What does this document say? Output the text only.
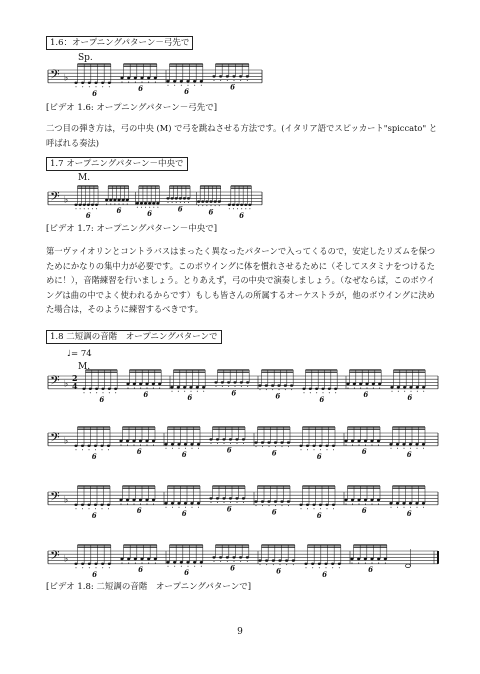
1.6：オープニングパターン－弓先で
Sp.
𝄢 ♭
6
6	6
6
[ビデオ 1.6: オープニングパターン－弓先で]

二つ目の弾き方は，弓の中央 (M) で弓を跳ねさせる方法です。(イタリア語でスピッカート"spiccato" と呼ばれる奏法)

1.7 オープニングパターン－中央で
M.
𝄢 ♭
6
6	6
6	6	6
[ビデオ 1.7: オープニングパターン－中央で]

第一ヴァイオリンとコントラバスはまったく異なったパターンで入ってくるので，安定したリズムを保つためにかなりの集中力が必要です。このボウイングに体を慣れさせるために（そしてスタミナをつけるために！），音階練習を行いましょう。とりあえず，弓の中央で演奏しましょう。（なぜならば，このボウイングは曲の中でよく使われるからです）もしも皆さんの所属するオーケストラが，他のボウイングに決めた場合は，そのように練習するべきです。

1.8 二短調の音階　オープニングパターンで
♩= 74
M.
𝄢 ♭
2
4
6
6	6
6	6	6
6	6
𝄢 ♭
6
6	6
6	6	6
6	6
𝄢 ♭
6
6	6
6	6	6
6	6
𝄢 ♭
6
6	6
6	6	6
6
[ビデオ 1.8: 二短調の音階　オープニングパターンで]
9
